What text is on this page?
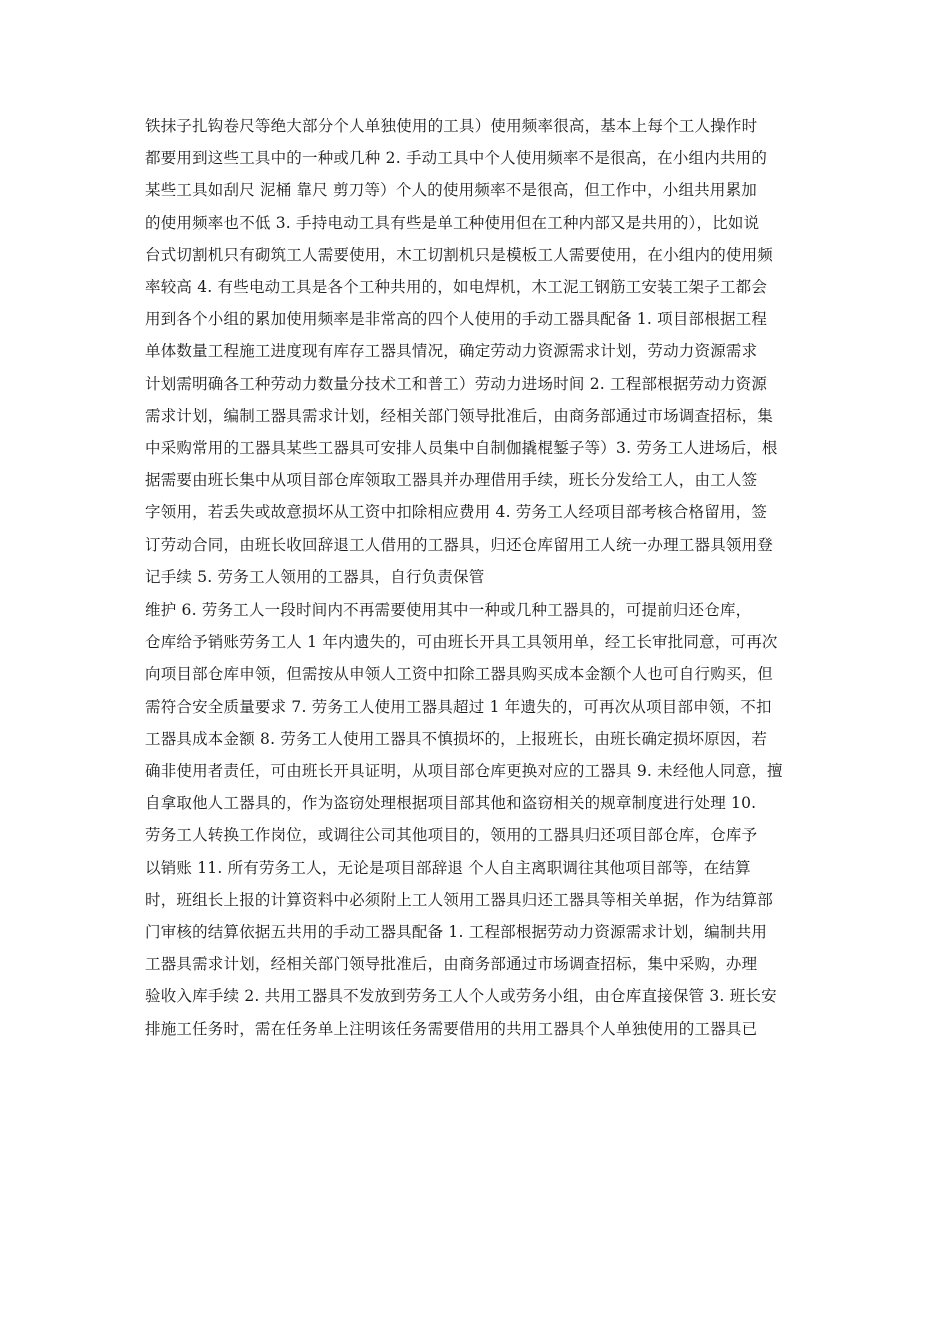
铁抹子扎钩卷尺等绝大部分个人单独使用的工具）使用频率很高，基本上每个工人操作时
都要用到这些工具中的一种或几种 2. 手动工具中个人使用频率不是很高，在小组内共用的
某些工具如刮尺 泥桶 靠尺 剪刀等）个人的使用频率不是很高，但工作中，小组共用累加
的使用频率也不低 3. 手持电动工具有些是单工种使用但在工种内部又是共用的），比如说
台式切割机只有砌筑工人需要使用，木工切割机只是模板工人需要使用，在小组内的使用频
率较高 4. 有些电动工具是各个工种共用的，如电焊机，木工泥工钢筋工安装工架子工都会
用到各个小组的累加使用频率是非常高的四个人使用的手动工器具配备 1. 项目部根据工程
单体数量工程施工进度现有库存工器具情况，确定劳动力资源需求计划，劳动力资源需求
计划需明确各工种劳动力数量分技术工和普工）劳动力进场时间 2. 工程部根据劳动力资源
需求计划，编制工器具需求计划，经相关部门领导批准后，由商务部通过市场调查招标，集
中采购常用的工器具某些工器具可安排人员集中自制伽撬棍錾子等）3. 劳务工人进场后，根
据需要由班长集中从项目部仓库领取工器具并办理借用手续，班长分发给工人，由工人签
字领用，若丢失或故意损坏从工资中扣除相应费用 4. 劳务工人经项目部考核合格留用，签
订劳动合同，由班长收回辞退工人借用的工器具，归还仓库留用工人统一办理工器具领用登
记手续 5. 劳务工人领用的工器具，自行负责保管
维护 6. 劳务工人一段时间内不再需要使用其中一种或几种工器具的，可提前归还仓库，
仓库给予销账劳务工人 1 年内遗失的，可由班长开具工具领用单，经工长审批同意，可再次
向项目部仓库申领，但需按从申领人工资中扣除工器具购买成本金额个人也可自行购买，但
需符合安全质量要求 7. 劳务工人使用工器具超过 1 年遗失的，可再次从项目部申领，不扣
工器具成本金额 8. 劳务工人使用工器具不慎损坏的，上报班长，由班长确定损坏原因，若
确非使用者责任，可由班长开具证明，从项目部仓库更换对应的工器具 9. 未经他人同意，擅
自拿取他人工器具的，作为盗窃处理根据项目部其他和盗窃相关的规章制度进行处理 10.
劳务工人转换工作岗位，或调往公司其他项目的，领用的工器具归还项目部仓库，仓库予
以销账 11. 所有劳务工人，无论是项目部辞退 个人自主离职调往其他项目部等，在结算
时，班组长上报的计算资料中必须附上工人领用工器具归还工器具等相关单据，作为结算部
门审核的结算依据五共用的手动工器具配备 1. 工程部根据劳动力资源需求计划，编制共用
工器具需求计划，经相关部门领导批准后，由商务部通过市场调查招标，集中采购，办理
验收入库手续 2. 共用工器具不发放到劳务工人个人或劳务小组，由仓库直接保管 3. 班长安
排施工任务时，需在任务单上注明该任务需要借用的共用工器具个人单独使用的工器具已
